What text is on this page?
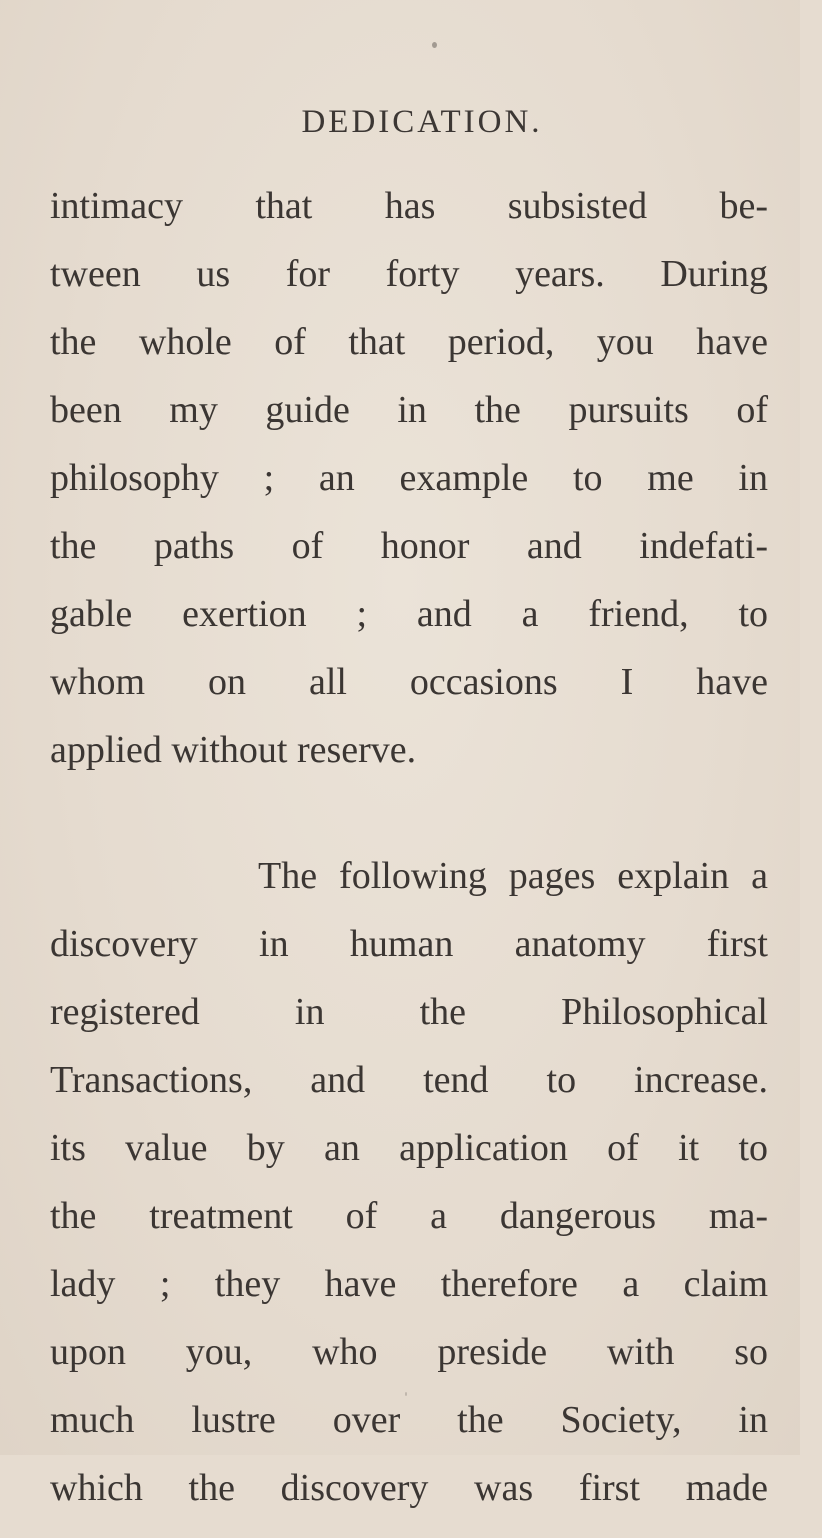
DEDICATION.
intimacy that has subsisted be-
tween us for forty years. During
the whole of that period, you have
been my guide in the pursuits of
philosophy ; an example to me in
the paths of honor and indefati-
gable exertion ; and a friend, to
whom on all occasions I have
applied without reserve.
The following pages explain a
discovery in human anatomy first
registered in the Philosophical
Transactions, and tend to increase.
its value by an application of it to
the treatment of a dangerous ma-
lady ; they have therefore a claim
upon you, who preside with so
much lustre over the Society, in
which the discovery was first made
